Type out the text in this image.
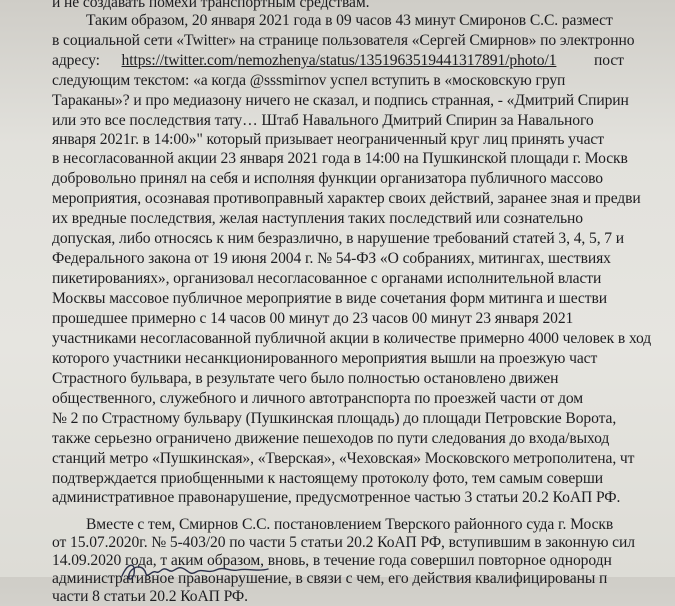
и не создавать помехи транспортным средствам.
Таким образом, 20 января 2021 года в 09 часов 43 минут Смиронов С.С. размест
в социальной сети «Twitter» на странице пользователя «Сергей Смирнов» по электронно
адресу: https://twitter.com/nemozhenya/status/1351963519441317891/photo/1 пост
следующим текстом: «а когда @sssmirnov успел вступить в «московскую груп
Тараканы»? и про медиазону ничего не сказал, и подпись странная, - «Дмитрий Спирин
или это все последствия тату… Штаб Навального Дмитрий Спирин за Навального
января 2021г. в 14:00»" который призывает неограниченный круг лиц принять участ
в несогласованной акции 23 января 2021 года в 14:00 на Пушкинской площади г. Москв
добровольно принял на себя и исполняя функции организатора публичного массово
мероприятия, осознавая противоправный характер своих действий, заранее зная и предви
их вредные последствия, желая наступления таких последствий или сознательно
допуская, либо относясь к ним безразлично, в нарушение требований статей 3, 4, 5, 7 и
Федерального закона от 19 июня 2004 г. № 54-ФЗ «О собраниях, митингах, шествиях
пикетированиях», организовал несогласованное с органами исполнительной власти
Москвы массовое публичное мероприятие в виде сочетания форм митинга и шестви
прошедшее примерно с 14 часов 00 минут до 23 часов 00 минут 23 января 2021
участниками несогласованной публичной акции в количестве примерно 4000 человек в ход
которого участники несанкционированного мероприятия вышли на проезжую част
Страстного бульвара, в результате чего было полностью остановлено движен
общественного, служебного и личного автотранспорта по проезжей части от дом
№ 2 по Страстному бульвару (Пушкинская площадь) до площади Петровские Ворота,
также серьезно ограничено движение пешеходов по пути следования до входа/выход
станций метро «Пушкинская», «Тверская», «Чеховская» Московского метрополитена, чт
подтверждается приобщенными к настоящему протоколу фото, тем самым соверши
административное правонарушение, предусмотренное частью 3 статьи 20.2 КоАП РФ.
Вместе с тем, Смирнов С.С. постановлением Тверского районного суда г. Москв
от 15.07.2020г. № 5-403/20 по части 5 статьи 20.2 КоАП РФ, вступившим в законную сил
14.09.2020 года, т аким образом, вновь, в течение года совершил повторное однородн
административное правонарушение, в связи с чем, его действия квалифицированы п
части 8 статьи 20.2 КоАП РФ.
